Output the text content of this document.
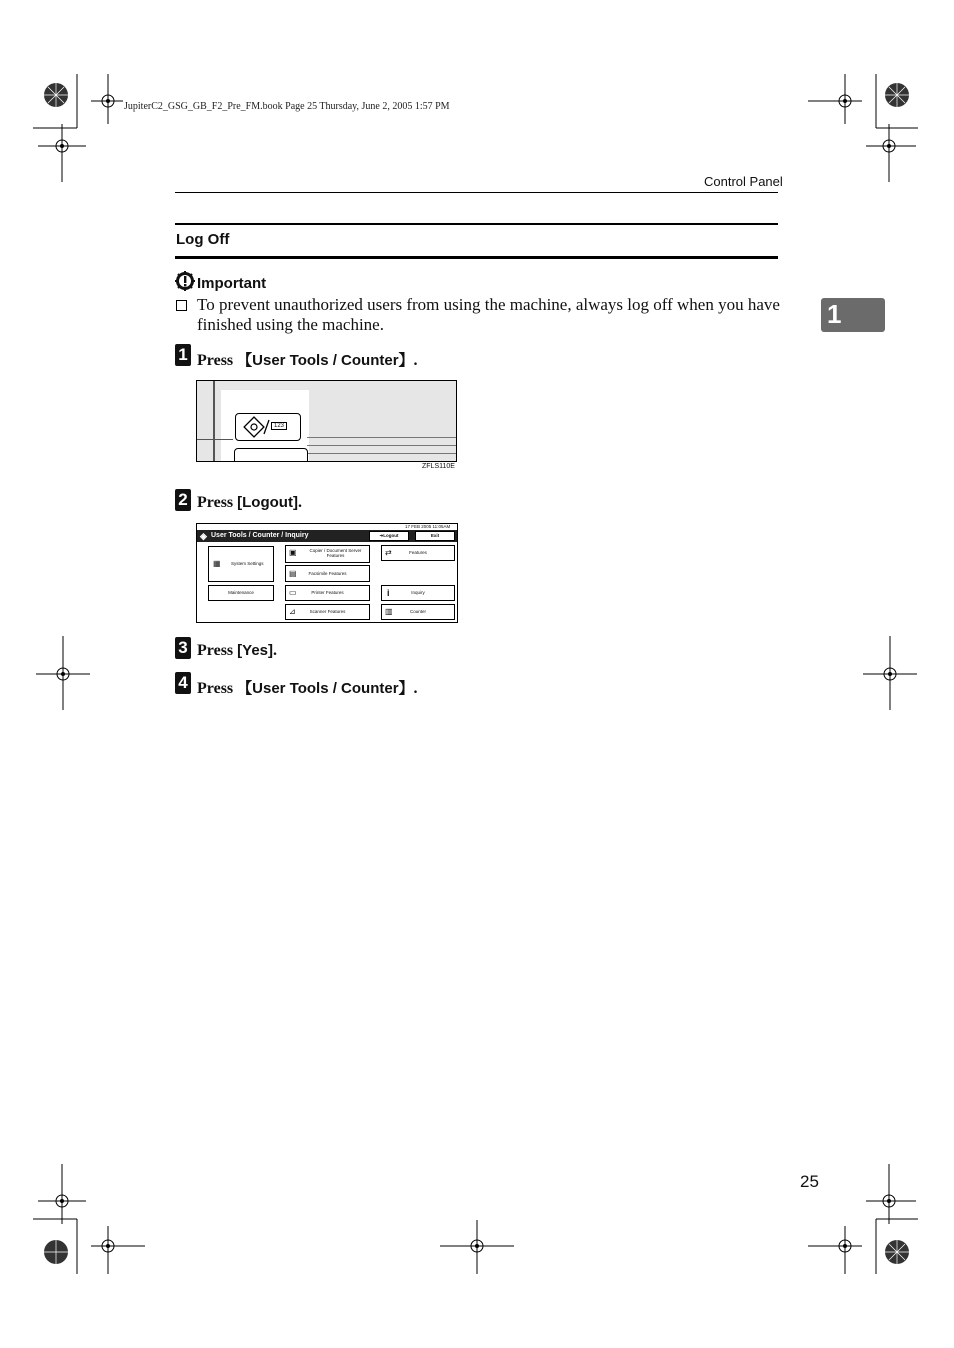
JupiterC2_GSG_GB_F2_Pre_FM.book Page 25 Thursday, June 2, 2005 1:57 PM
Control Panel
1
Log Off
Important
To prevent unauthorized users from using the machine, always log off when you have finished using the machine.
1 Press 【User Tools / Counter】.
123
ZFLS110E
2 Press [Logout].
17 FEB 2005 11:05AM
◈ User Tools / Counter / Inquiry	➜Logout	Exit
▦ System Settings
Maintenance
▣	Copier / Document Server Features
▤	Facsimile Features
▭	Printer Features
⊿	Scanner Features
⇄	Features
i	Inquiry
▥	Counter
3 Press [Yes].
4 Press 【User Tools / Counter】.
25
